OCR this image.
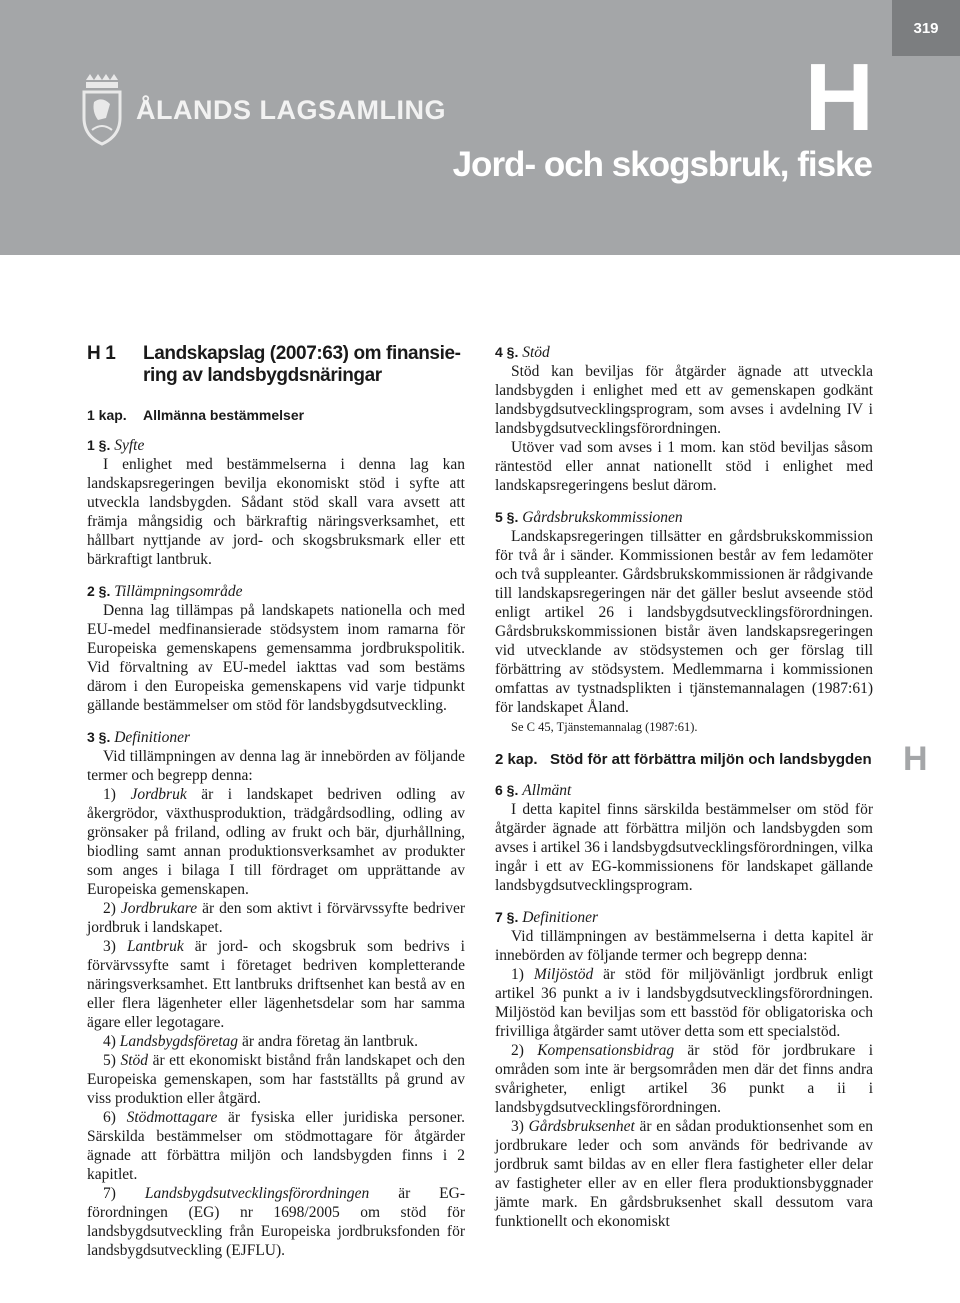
319
ÅLANDS LAGSAMLING	H
Jord- och skogsbruk, fiske
H 1	Landskapslag (2007:63) om finansie-
ring av landsbygdsnäringar
1 kap.	Allmänna bestämmelser
1 §. Syfte

I enlighet med bestämmelserna i denna lag kan landskapsregeringen bevilja ekonomiskt stöd i syfte att utveckla landsbygden. Sådant stöd skall vara avsett att främja mångsidig och bärkraftig näringsverksamhet, ett hållbart nyttjande av jord- och skogsbruksmark eller ett bärkraftigt lantbruk.

2 §. Tillämpningsområde

Denna lag tillämpas på landskapets nationella och med EU-medel medfinansierade stödsystem inom ramarna för Europeiska gemenskapens gemensamma jordbrukspolitik. Vid förvaltning av EU-medel iakttas vad som bestäms därom i den Europeiska gemenskapens vid varje tidpunkt gällande bestämmelser om stöd för landsbygdsutveckling.

3 §. Definitioner

Vid tillämpningen av denna lag är innebörden av följande termer och begrepp denna:

1) Jordbruk är i landskapet bedriven odling av åkergrödor, växthusproduktion, trädgårdsodling, odling av grönsaker på friland, odling av frukt och bär, djurhållning, biodling samt annan produktionsverksamhet av produkter som anges i bilaga I till fördraget om upprättande av Europeiska gemenskapen.

2) Jordbrukare är den som aktivt i förvärvssyfte bedriver jordbruk i landskapet.

3) Lantbruk är jord- och skogsbruk som bedrivs i förvärvssyfte samt i företaget bedriven kompletterande näringsverksamhet. Ett lantbruks driftsenhet kan bestå av en eller flera lägenheter eller lägenhetsdelar som har samma ägare eller legotagare.

4) Landsbygdsföretag är andra företag än lantbruk.

5) Stöd är ett ekonomiskt bistånd från landskapet och den Europeiska gemenskapen, som har fastställts på grund av viss produktion eller åtgärd.

6) Stödmottagare är fysiska eller juridiska personer. Särskilda bestämmelser om stödmottagare för åtgärder ägnade att förbättra miljön och landsbygden finns i 2 kapitlet.

7) Landsbygdsutvecklingsförordningen är EG-förordningen (EG) nr 1698/2005 om stöd för landsbygdsutveckling från Europeiska jordbruksfonden för landsbygdsutveckling (EJFLU).

4 §. Stöd

Stöd kan beviljas för åtgärder ägnade att utveckla landsbygden i enlighet med ett av gemenskapen godkänt landsbygdsutvecklingsprogram, som avses i avdelning IV i landsbygdsutvecklingsförordningen.

Utöver vad som avses i 1 mom. kan stöd beviljas såsom räntestöd eller annat nationellt stöd i enlighet med landskapsregeringens beslut därom.

5 §. Gårdsbrukskommissionen

Landskapsregeringen tillsätter en gårdsbrukskommission för två år i sänder. Kommissionen består av fem ledamöter och två suppleanter. Gårdsbrukskommissionen är rådgivande till landskapsregeringen när det gäller beslut avseende stöd enligt artikel 26 i landsbygdsutvecklingsförordningen. Gårdsbrukskommissionen bistår även landskapsregeringen vid utvecklande av stödsystemen och ger förslag till förbättring av stödsystem. Medlemmarna i kommissionen omfattas av tystnadsplikten i tjänstemannalagen (1987:61) för landskapet Åland.

Se C 45, Tjänstemannalag (1987:61).
2 kap. Stöd för att förbättra miljön och landsbygden
6 §. Allmänt

I detta kapitel finns särskilda bestämmelser om stöd för åtgärder ägnade att förbättra miljön och landsbygden som avses i artikel 36 i landsbygdsutvecklingsförordningen, vilka ingår i ett av EG-kommissionens för landskapet gällande landsbygdsutvecklingsprogram.

7 §. Definitioner

Vid tillämpningen av bestämmelserna i detta kapitel är innebörden av följande termer och begrepp denna:

1) Miljöstöd är stöd för miljövänligt jordbruk enligt artikel 36 punkt a iv i landsbygdsutvecklingsförordningen. Miljöstöd kan beviljas som ett basstöd för obligatoriska och frivilliga åtgärder samt utöver detta som ett specialstöd.

2) Kompensationsbidrag är stöd för jordbrukare i områden som inte är bergsområden men där det finns andra svårigheter, enligt artikel 36 punkt a ii i landsbygdsutvecklingsförordningen.

3) Gårdsbruksenhet är en sådan produktionsenhet som en jordbrukare leder och som används för bedrivande av jordbruk samt bildas av en eller flera fastigheter eller delar av fastigheter eller av en eller flera produktionsbyggnader jämte mark. En gårdsbruksenhet skall dessutom vara funktionellt och ekonomiskt

H
